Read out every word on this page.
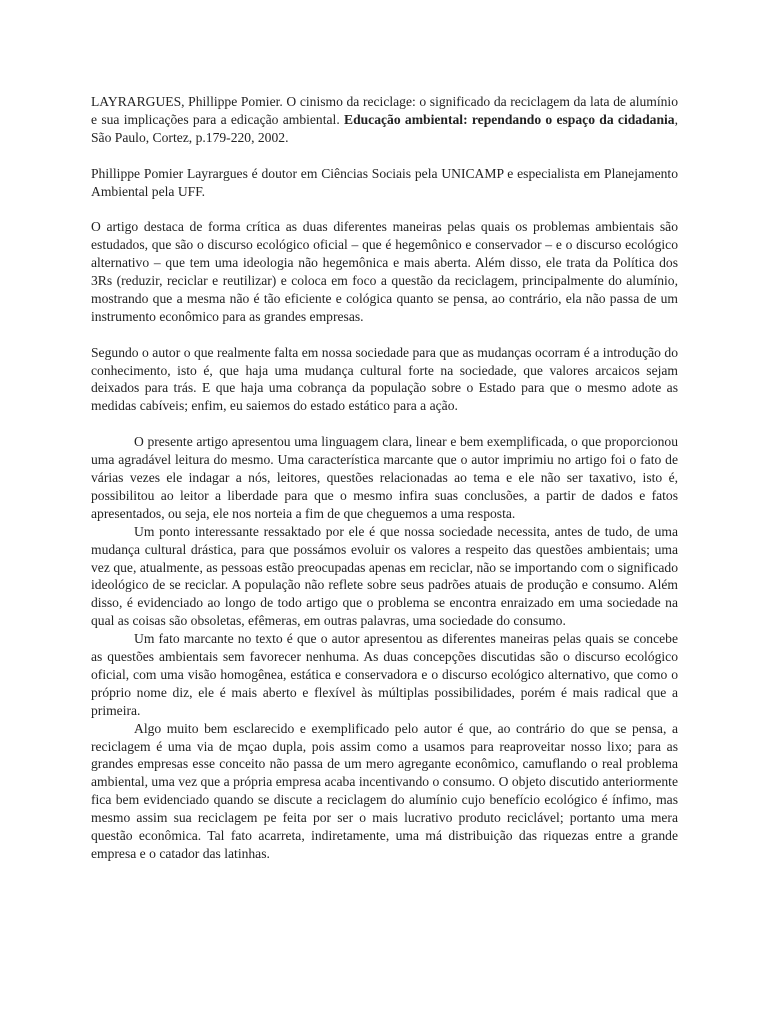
LAYRARGUES, Phillippe Pomier. O cinismo da reciclage: o significado da reciclagem da lata de alumínio e sua implicações para a edicação ambiental. Educação ambiental: rependando o espaço da cidadania, São Paulo, Cortez, p.179-220, 2002.

Phillippe Pomier Layrargues é doutor em Ciências Sociais pela UNICAMP e especialista em Planejamento Ambiental pela UFF.

O artigo destaca de forma crítica as duas diferentes maneiras pelas quais os problemas ambientais são estudados, que são o discurso ecológico oficial – que é hegemônico e conservador – e o discurso ecológico alternativo – que tem uma ideologia não hegemônica e mais aberta. Além disso, ele trata da Política dos 3Rs (reduzir, reciclar e reutilizar) e coloca em foco a questão da reciclagem, principalmente do alumínio, mostrando que a mesma não é tão eficiente e cológica quanto se pensa, ao contrário, ela não passa de um instrumento econômico para as grandes empresas.

Segundo o autor o que realmente falta em nossa sociedade para que as mudanças ocorram é a introdução do conhecimento, isto é, que haja uma mudança cultural forte na sociedade, que valores arcaicos sejam deixados para trás. E que haja uma cobrança da população sobre o Estado para que o mesmo adote as medidas cabíveis; enfim, eu saiemos do estado estático para a ação.

O presente artigo apresentou uma linguagem clara, linear e bem exemplificada, o que proporcionou uma agradável leitura do mesmo. Uma característica marcante que o autor imprimiu no artigo foi o fato de várias vezes ele indagar a nós, leitores, questões relacionadas ao tema e ele não ser taxativo, isto é, possibilitou ao leitor a liberdade para que o mesmo infira suas conclusões, a partir de dados e fatos apresentados, ou seja, ele nos norteia a fim de que cheguemos a uma resposta.

Um ponto interessante ressaktado por ele é que nossa sociedade necessita, antes de tudo, de uma mudança cultural drástica, para que possámos evoluir os valores a respeito das questões ambientais; uma vez que, atualmente, as pessoas estão preocupadas apenas em reciclar, não se importando com o significado ideológico de se reciclar. A população não reflete sobre seus padrões atuais de produção e consumo. Além disso, é evidenciado ao longo de todo artigo que o problema se encontra enraizado em uma sociedade na qual as coisas são obsoletas, efêmeras, em outras palavras, uma sociedade do consumo.

Um fato marcante no texto é que o autor apresentou as diferentes maneiras pelas quais se concebe as questões ambientais sem favorecer nenhuma. As duas concepções discutidas são o discurso ecológico oficial, com uma visão homogênea, estática e conservadora e o discurso ecológico alternativo, que como o próprio nome diz, ele é mais aberto e flexível às múltiplas possibilidades, porém é mais radical que a primeira.

Algo muito bem esclarecido e exemplificado pelo autor é que, ao contrário do que se pensa, a reciclagem é uma via de mçao dupla, pois assim como a usamos para reaproveitar nosso lixo; para as grandes empresas esse conceito não passa de um mero agregante econômico, camuflando o real problema ambiental, uma vez que a própria empresa acaba incentivando o consumo. O objeto discutido anteriormente fica bem evidenciado quando se discute a reciclagem do alumínio cujo benefício ecológico é ínfimo, mas mesmo assim sua reciclagem pe feita por ser o mais lucrativo produto reciclável; portanto uma mera questão econômica. Tal fato acarreta, indiretamente, uma má distribuição das riquezas entre a grande empresa e o catador das latinhas.
